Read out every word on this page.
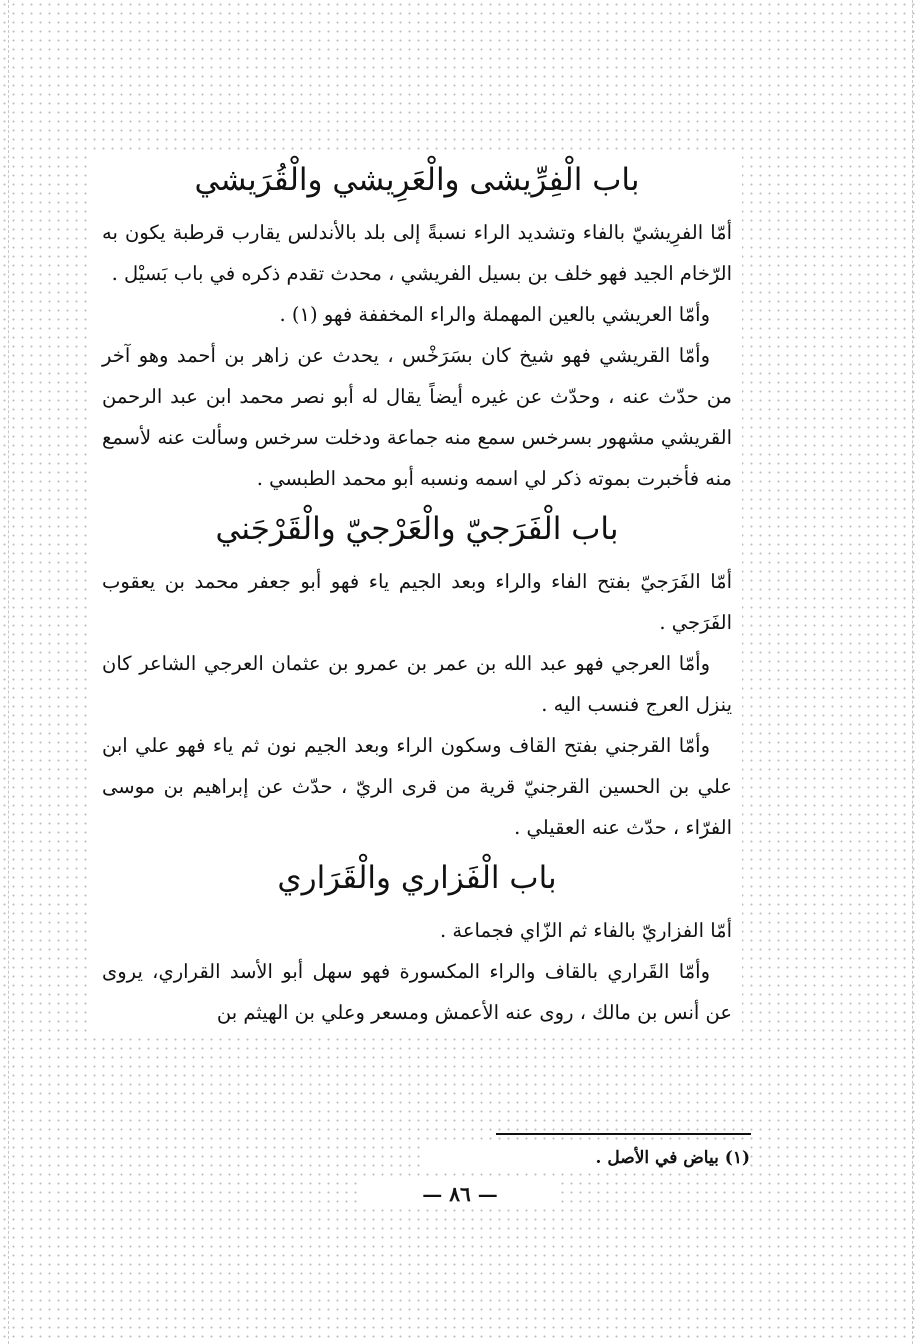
باب الْفِرِّيشى والْعَرِيشي والْقُرَيشي

أمّا الفرِيشيّ بالفاء وتشديد الراء نسبةً إلى بلد بالأندلس يقارب قرطبة يكون به الرّخام الجيد فهو خلف بن بسيل الفريشي ، محدث تقدم ذكره في باب بَسيْل .

وأمّا العريشي بالعين المهملة والراء المخففة فهو (١) .

وأمّا القريشي فهو شيخ كان بسَرَخْس ، يحدث عن زاهر بن أحمد وهو آخر من حدّث عنه ، وحدّث عن غيره أيضاً يقال له أبو نصر محمد ابن عبد الرحمن القريشي مشهور بسرخس سمع منه جماعة ودخلت سرخس وسألت عنه لأسمع منه فأخبرت بموته ذكر لي اسمه ونسبه أبو محمد الطبسي .

باب الْفَرَجيّ والْعَرْجيّ والْقَرْجَني

أمّا الفَرَجيّ بفتح الفاء والراء وبعد الجيم ياء فهو أبو جعفر محمد بن يعقوب الفَرَجي .

وأمّا العرجي فهو عبد الله بن عمر بن عمرو بن عثمان العرجي الشاعر كان ينزل العرج فنسب اليه .

وأمّا القرجني بفتح القاف وسكون الراء وبعد الجيم نون ثم ياء فهو علي ابن علي بن الحسين القرجنيّ قرية من قرى الريّ ، حدّث عن إبراهيم بن موسى الفرّاء ، حدّث عنه العقيلي .

باب الْفَزاري والْقَرَاري

أمّا الفزاريّ بالفاء ثم الزّاي فجماعة .

وأمّا القَراري بالقاف والراء المكسورة فهو سهل أبو الأسد القراري، يروى عن أنس بن مالك ، روى عنه الأعمش ومسعر وعلي بن الهيثم بن

(١) بياض في الأصل .
— ٨٦ —
